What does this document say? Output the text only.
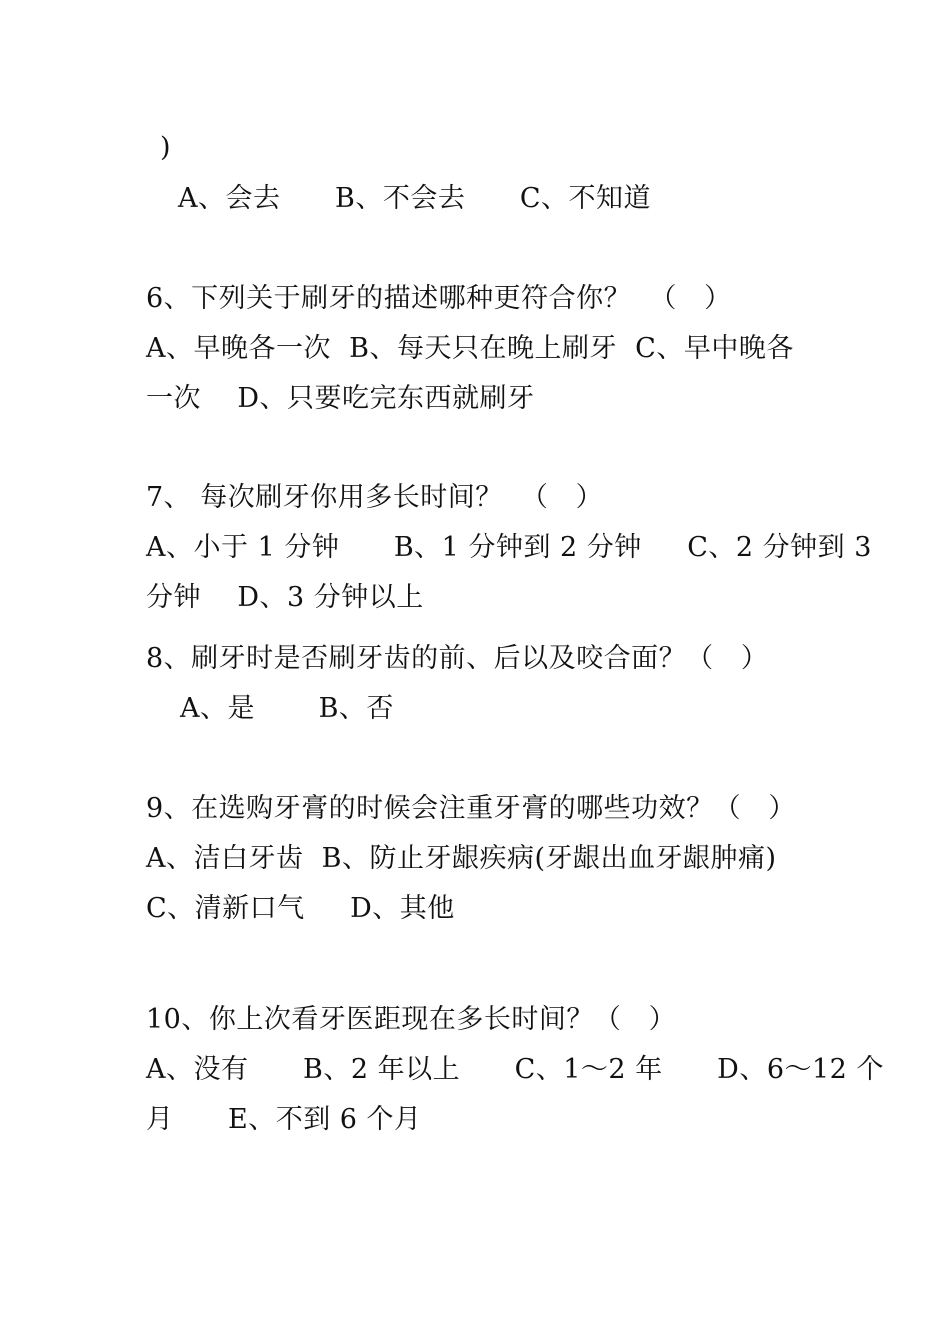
)
A、会去      B、不会去      C、不知道
6、下列关于刷牙的描述哪种更符合你？  （   ）
A、早晚各一次  B、每天只在晚上刷牙  C、早中晚各
一次    D、只要吃完东西就刷牙
7、 每次刷牙你用多长时间？  （   ）
A、小于 1 分钟      B、1 分钟到 2 分钟     C、2 分钟到 3
分钟    D、3 分钟以上
8、刷牙时是否刷牙齿的前、后以及咬合面？（   ）
A、是       B、否
9、在选购牙膏的时候会注重牙膏的哪些功效？（   ）
A、洁白牙齿  B、防止牙龈疾病(牙龈出血牙龈肿痛)
C、清新口气     D、其他
10、你上次看牙医距现在多长时间？（   ）
A、没有      B、2 年以上      C、1～2 年      D、6～12 个
月      E、不到 6 个月
